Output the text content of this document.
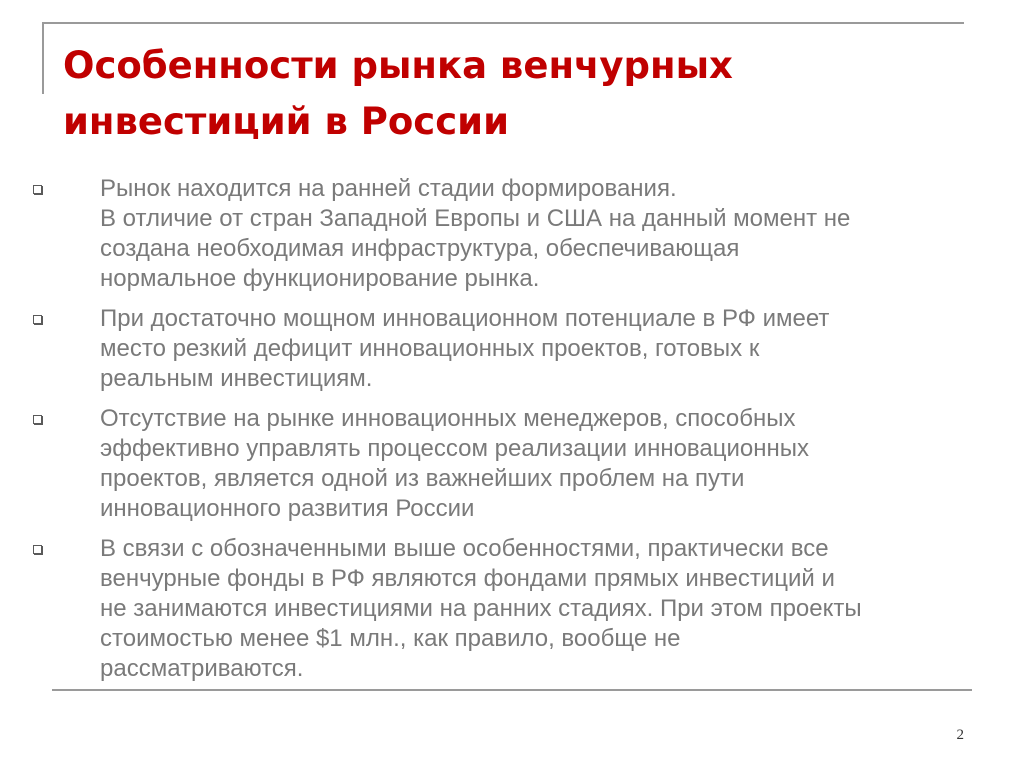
Особенности рынка венчурных
инвестиций в России
Рынок находится на ранней стадии формирования.
В отличие от стран Западной Европы и США на данный момент не
создана необходимая инфраструктура, обеспечивающая
нормальное функционирование рынка.
При достаточно мощном инновационном потенциале в РФ имеет
место резкий дефицит инновационных проектов, готовых к
реальным инвестициям.
Отсутствие на рынке инновационных менеджеров, способных
эффективно управлять процессом реализации инновационных
проектов, является одной из важнейших проблем на пути
инновационного развития России
В связи с обозначенными выше особенностями, практически все
венчурные фонды в РФ являются фондами прямых инвестиций и
не занимаются инвестициями на ранних стадиях. При этом проекты
стоимостью менее $1 млн., как правило, вообще не
рассматриваются.
2
